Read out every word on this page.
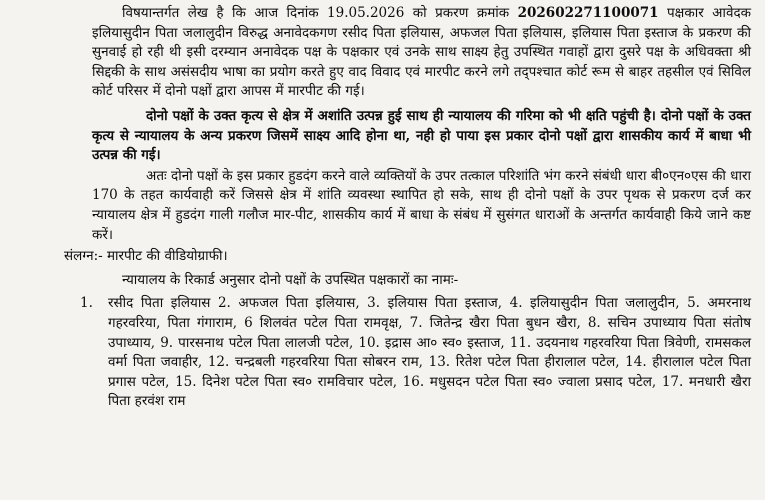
विषयान्तर्गत लेख है कि आज दिनांक 19.05.2026 को प्रकरण क्रमांक 202602271100071 पक्षकार आवेदक इलियासुदीन पिता जलालुदीन विरुद्ध अनावेदकगण रसीद पिता इलियास, अफजल पिता इलियास, इलियास पिता इस्ताज के प्रकरण की सुनवाई हो रही थी इसी दरम्यान अनावेदक पक्ष के पक्षकार एवं उनके साथ साक्ष्य हेतु उपस्थित गवाहों द्वारा दुसरे पक्ष के अधिवक्ता श्री सिद्दकी के साथ असंसदीय भाषा का प्रयोग करते हुए वाद विवाद एवं मारपीट करने लगे तद्पश्चात कोर्ट रूम से बाहर तहसील एवं सिविल कोर्ट परिसर में दोनो पक्षों द्वारा आपस में मारपीट की गई।

दोनो पक्षों के उक्त कृत्य से क्षेत्र में अशांति उत्पन्न हुई साथ ही न्यायालय की गरिमा को भी क्षति पहुंची है। दोनो पक्षों के उक्त कृत्य से न्यायालय के अन्य प्रकरण जिसमें साक्ष्य आदि होना था, नही हो पाया इस प्रकार दोनो पक्षों द्वारा शासकीय कार्य में बाधा भी उत्पन्न की गई।

अतः दोनो पक्षों के इस प्रकार हुडदंग करने वाले व्यक्तियों के उपर तत्काल परिशांति भंग करने संबंधी धारा बी०एन०एस की धारा 170 के तहत कार्यवाही करें जिससे क्षेत्र में शांति व्यवस्था स्थापित हो सके, साथ ही दोनो पक्षों के उपर पृथक से प्रकरण दर्ज कर न्यायालय क्षेत्र में हुडदंग गाली गलौज मार-पीट, शासकीय कार्य में बाधा के संबंध में सुसंगत धाराओं के अन्तर्गत कार्यवाही किये जाने कष्ट करें।

संलग्न:- मारपीट की वीडियोग्राफी।

न्यायालय के रिकार्ड अनुसार दोनो पक्षों के उपस्थित पक्षकारों का नामः-

1.	रसीद पिता इलियास 2. अफजल पिता इलियास, 3. इलियास पिता इस्ताज, 4. इलियासुदीन पिता जलालुदीन, 5. अमरनाथ गहरवरिया, पिता गंगाराम, 6 शिलवंत पटेल पिता रामवृक्ष, 7. जितेन्द्र खैरा पिता बुधन खैरा, 8. सचिन उपाध्याय पिता संतोष उपाध्याय, 9. पारसनाथ पटेल पिता लालजी पटेल, 10. इद्रास आ० स्व० इस्ताज, 11. उदयनाथ गहरवरिया पिता त्रिवेणी, रामसकल वर्मा पिता जवाहीर, 12. चन्द्रबली गहरवरिया पिता सोबरन राम, 13. रितेश पटेल पिता हीरालाल पटेल, 14. हीरालाल पटेल पिता प्रगास पटेल, 15. दिनेश पटेल पिता स्व० रामविचार पटेल, 16. मधुसदन पटेल पिता स्व० ज्वाला प्रसाद पटेल, 17. मनधारी खैरा पिता हरवंश राम
